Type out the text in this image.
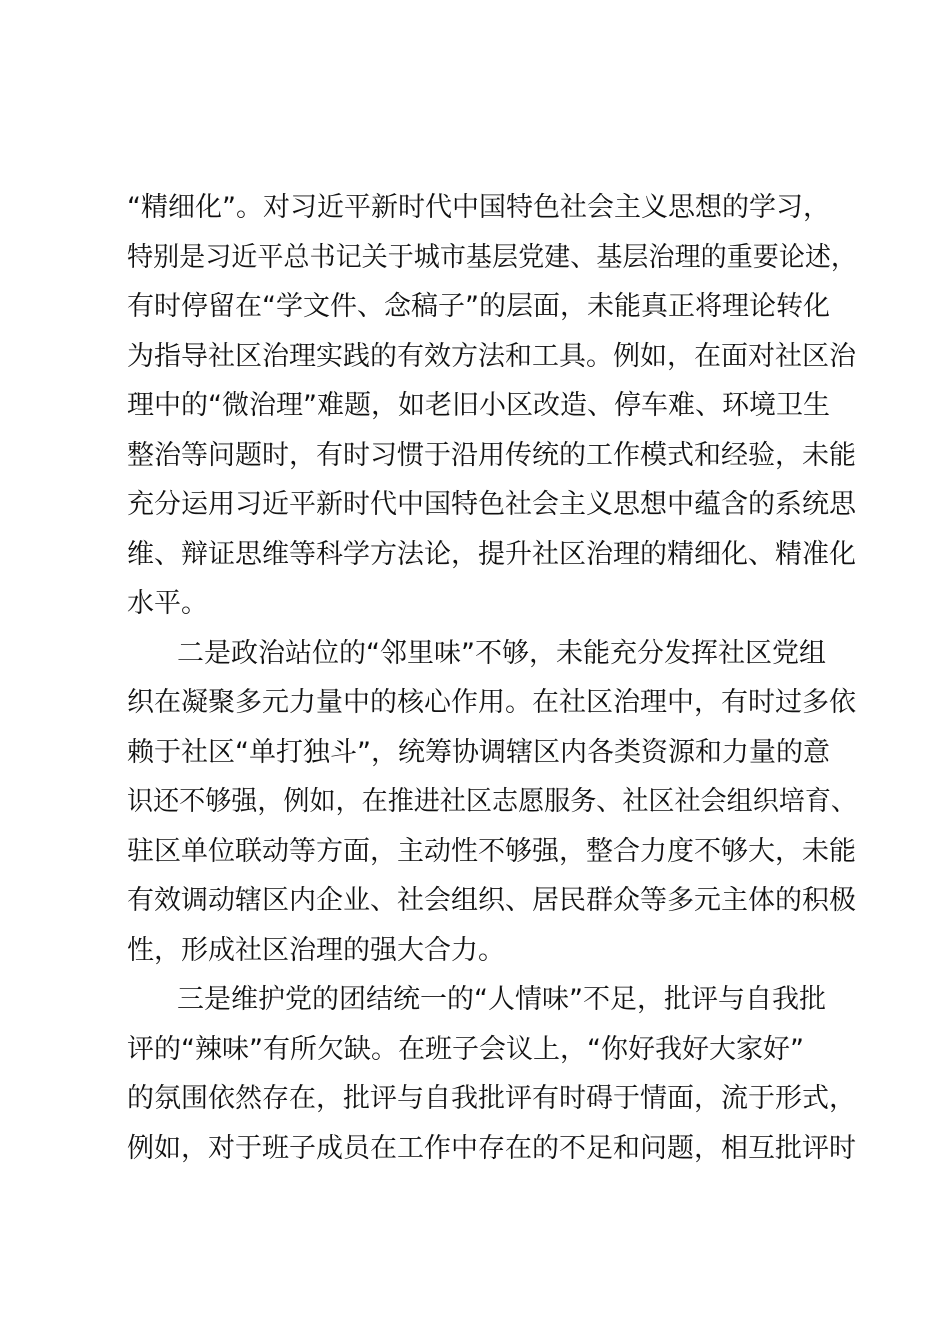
“精细化”。对习近平新时代中国特色社会主义思想的学习，
特别是习近平总书记关于城市基层党建、基层治理的重要论述，
有时停留在“学文件、念稿子”的层面，未能真正将理论转化
为指导社区治理实践的有效方法和工具。例如，在面对社区治
理中的“微治理”难题，如老旧小区改造、停车难、环境卫生
整治等问题时，有时习惯于沿用传统的工作模式和经验，未能
充分运用习近平新时代中国特色社会主义思想中蕴含的系统思
维、辩证思维等科学方法论，提升社区治理的精细化、精准化
水平。
二是政治站位的“邻里味”不够，未能充分发挥社区党组
织在凝聚多元力量中的核心作用。在社区治理中，有时过多依
赖于社区“单打独斗”，统筹协调辖区内各类资源和力量的意
识还不够强，例如，在推进社区志愿服务、社区社会组织培育、
驻区单位联动等方面，主动性不够强，整合力度不够大，未能
有效调动辖区内企业、社会组织、居民群众等多元主体的积极
性，形成社区治理的强大合力。
三是维护党的团结统一的“人情味”不足，批评与自我批
评的“辣味”有所欠缺。在班子会议上，“你好我好大家好”
的氛围依然存在，批评与自我批评有时碍于情面，流于形式，
例如，对于班子成员在工作中存在的不足和问题，相互批评时
